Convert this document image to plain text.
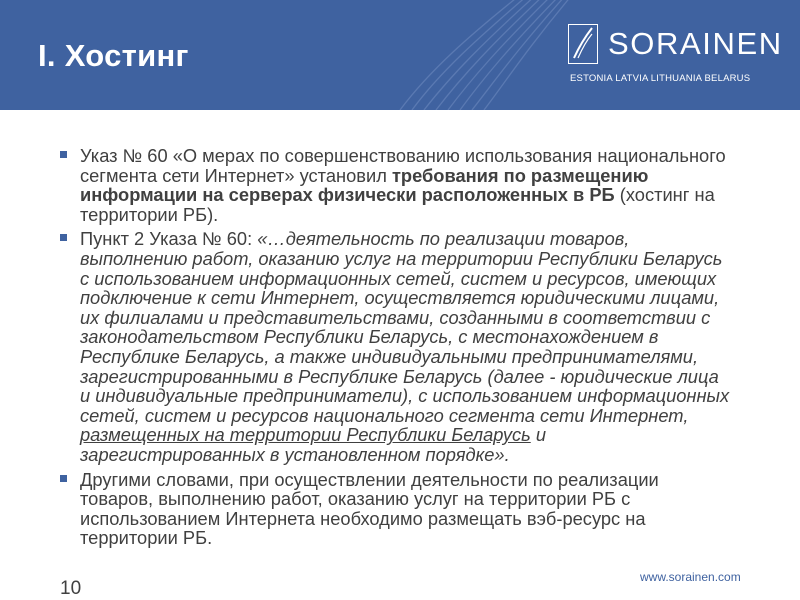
I. Хостинг	SORAINEN
ESTONIA LATVIA LITHUANIA BELARUS
Указ № 60 «О мерах по совершенствованию использования национального сегмента сети Интернет» установил требования по размещению информации на серверах физически расположенных в РБ (хостинг на территории РБ).
Пункт 2 Указа № 60: «…деятельность по реализации товаров, выполнению работ, оказанию услуг на территории Республики Беларусь с использованием информационных сетей, систем и ресурсов, имеющих подключение к сети Интернет, осуществляется юридическими лицами, их филиалами и представительствами, созданными в соответствии с законодательством Республики Беларусь, с местонахождением в Республике Беларусь, а также индивидуальными предпринимателями, зарегистрированными в Республике Беларусь (далее - юридические лица и индивидуальные предприниматели), с использованием информационных сетей, систем и ресурсов национального сегмента сети Интернет, размещенных на территории Республики Беларусь и зарегистрированных в установленном порядке».
Другими словами, при осуществлении деятельности по реализации товаров, выполнению работ, оказанию услуг на территории РБ с использованием Интернета необходимо размещать вэб-ресурс на территории РБ.
10
www.sorainen.com
